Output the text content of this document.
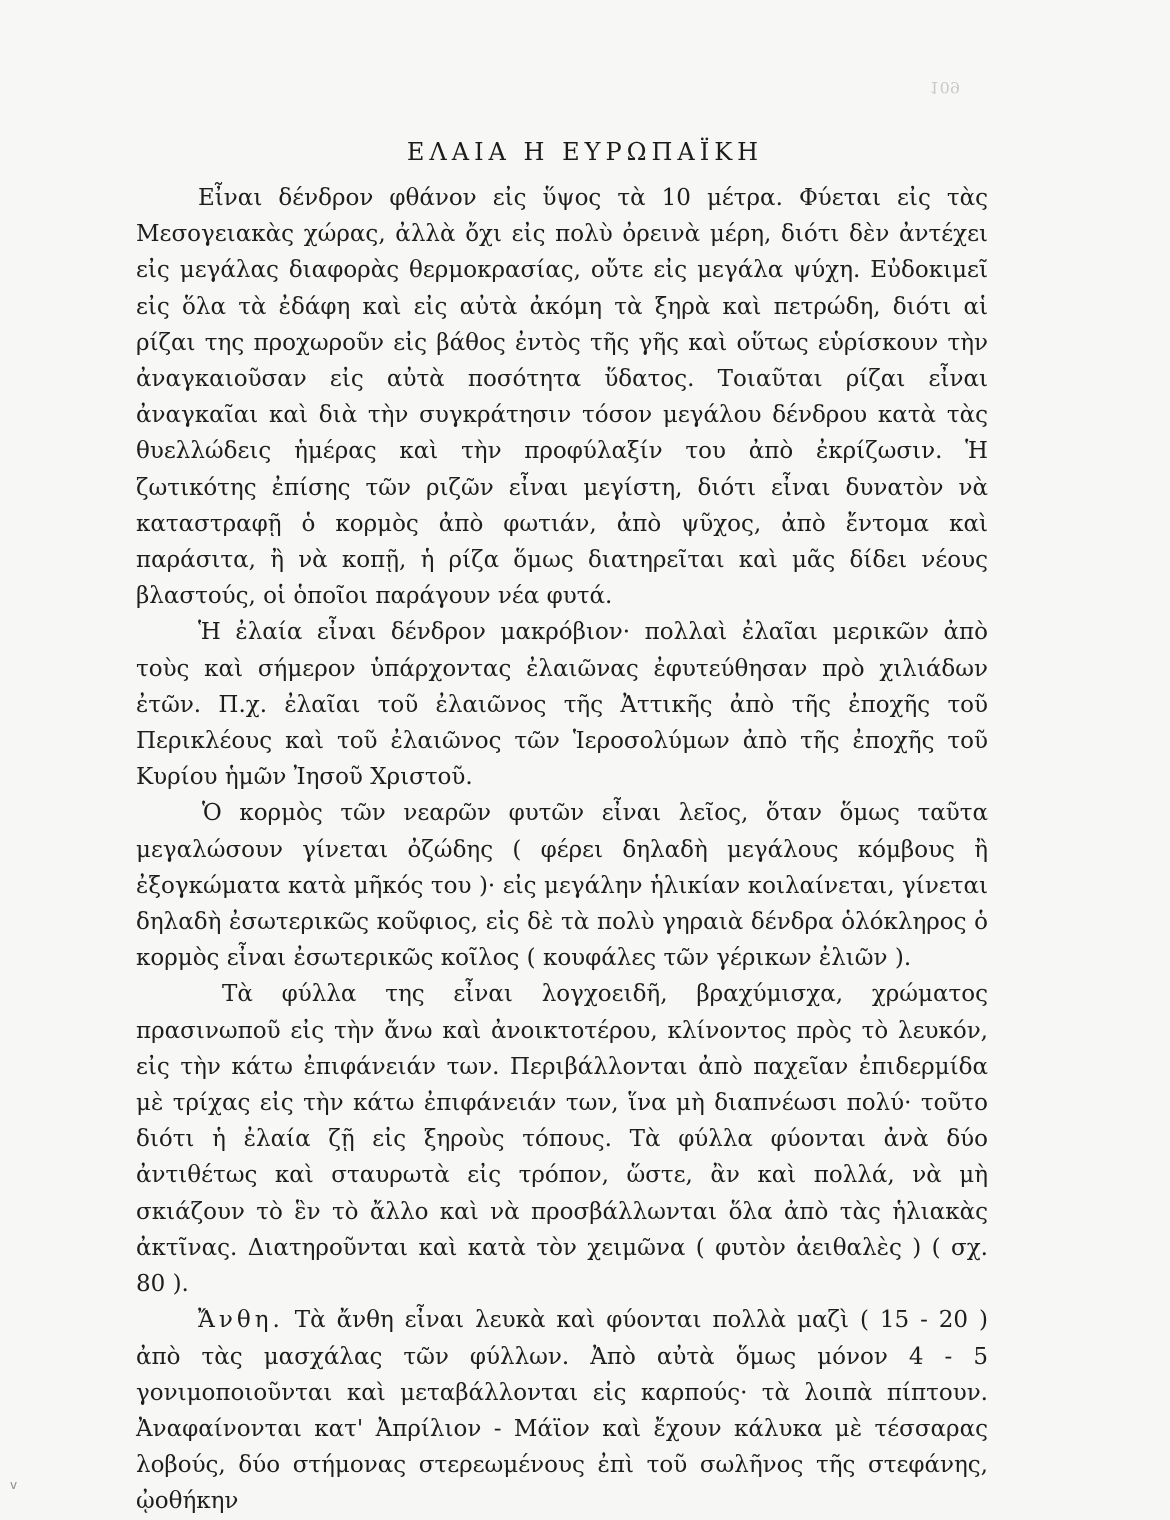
109
ΕΛΑΙΑ Η ΕΥΡΩΠΑΪΚΗ

Εἶναι δένδρον φθάνον εἰς ὕψος τὰ 10 μέτρα. Φύεται εἰς τὰς Μεσογειακὰς χώρας, ἀλλὰ ὄχι εἰς πολὺ ὀρεινὰ μέρη, διότι δὲν ἀντέχει εἰς μεγάλας διαφορὰς θερμοκρασίας, οὔτε εἰς μεγάλα ψύχη. Εὐδοκιμεῖ εἰς ὅλα τὰ ἐδάφη καὶ εἰς αὐτὰ ἀκόμη τὰ ξηρὰ καὶ πετρώδη, διότι αἱ ρίζαι της προχωροῦν εἰς βάθος ἐντὸς τῆς γῆς καὶ οὕτως εὑρίσκουν τὴν ἀναγκαιοῦσαν εἰς αὐτὰ ποσότητα ὕδατος. Τοιαῦται ρίζαι εἶναι ἀναγκαῖαι καὶ διὰ τὴν συγκράτησιν τόσον μεγάλου δένδρου κατὰ τὰς θυελλώδεις ἡμέρας καὶ τὴν προφύλαξίν του ἀπὸ ἐκρίζωσιν. Ἡ ζωτικότης ἐπίσης τῶν ριζῶν εἶναι μεγίστη, διότι εἶναι δυνατὸν νὰ καταστραφῇ ὁ κορμὸς ἀπὸ φωτιάν, ἀπὸ ψῦχος, ἀπὸ ἔντομα καὶ παράσιτα, ἢ νὰ κοπῇ, ἡ ρίζα ὅμως διατηρεῖται καὶ μᾶς δίδει νέους βλαστούς, οἱ ὁποῖοι παράγουν νέα φυτά.

Ἡ ἐλαία εἶναι δένδρον μακρόβιον· πολλαὶ ἐλαῖαι μερικῶν ἀπὸ τοὺς καὶ σήμερον ὑπάρχοντας ἐλαιῶνας ἐφυτεύθησαν πρὸ χιλιάδων ἐτῶν. Π.χ. ἐλαῖαι τοῦ ἐλαιῶνος τῆς Ἀττικῆς ἀπὸ τῆς ἐποχῆς τοῦ Περικλέους καὶ τοῦ ἐλαιῶνος τῶν Ἱεροσολύμων ἀπὸ τῆς ἐποχῆς τοῦ Κυρίου ἡμῶν Ἰησοῦ Χριστοῦ.

Ὁ κορμὸς τῶν νεαρῶν φυτῶν εἶναι λεῖος, ὅταν ὅμως ταῦτα μεγαλώσουν γίνεται ὀζώδης ( φέρει δηλαδὴ μεγάλους κόμβους ἢ ἐξογκώματα κατὰ μῆκός του )· εἰς μεγάλην ἡλικίαν κοιλαίνεται, γίνεται δηλαδὴ ἐσωτερικῶς κοῦφιος, εἰς δὲ τὰ πολὺ γηραιὰ δένδρα ὁλόκληρος ὁ κορμὸς εἶναι ἐσωτερικῶς κοῖλος ( κουφάλες τῶν γέρικων ἐλιῶν ).

Τὰ φύλλα της εἶναι λογχοειδῆ, βραχύμισχα, χρώματος πρασινωποῦ εἰς τὴν ἄνω καὶ ἀνοικτοτέρου, κλίνοντος πρὸς τὸ λευκόν, εἰς τὴν κάτω ἐπιφάνειάν των. Περιβάλλονται ἀπὸ παχεῖαν ἐπιδερμίδα μὲ τρίχας εἰς τὴν κάτω ἐπιφάνειάν των, ἵνα μὴ διαπνέωσι πολύ· τοῦτο διότι ἡ ἐλαία ζῇ εἰς ξηροὺς τόπους. Τὰ φύλλα φύονται ἀνὰ δύο ἀντιθέτως καὶ σταυρωτὰ εἰς τρόπον, ὥστε, ἂν καὶ πολλά, νὰ μὴ σκιάζουν τὸ ἓν τὸ ἄλλο καὶ νὰ προσβάλλωνται ὅλα ἀπὸ τὰς ἡλιακὰς ἀκτῖνας. Διατηροῦνται καὶ κατὰ τὸν χειμῶνα ( φυτὸν ἀειθαλὲς ) ( σχ. 80 ).

Ἄνθη. Τὰ ἄνθη εἶναι λευκὰ καὶ φύονται πολλὰ μαζὶ ( 15 - 20 ) ἀπὸ τὰς μασχάλας τῶν φύλλων. Ἀπὸ αὐτὰ ὅμως μόνον 4 - 5 γονιμοποιοῦνται καὶ μεταβάλλονται εἰς καρπούς· τὰ λοιπὰ πίπτουν. Ἀναφαίνονται κατ' Ἀπρίλιον - Μάϊον καὶ ἔχουν κάλυκα μὲ τέσσαρας λοβούς, δύο στήμονας στερεωμένους ἐπὶ τοῦ σωλῆνος τῆς στεφάνης, ᾠοθήκην

v
